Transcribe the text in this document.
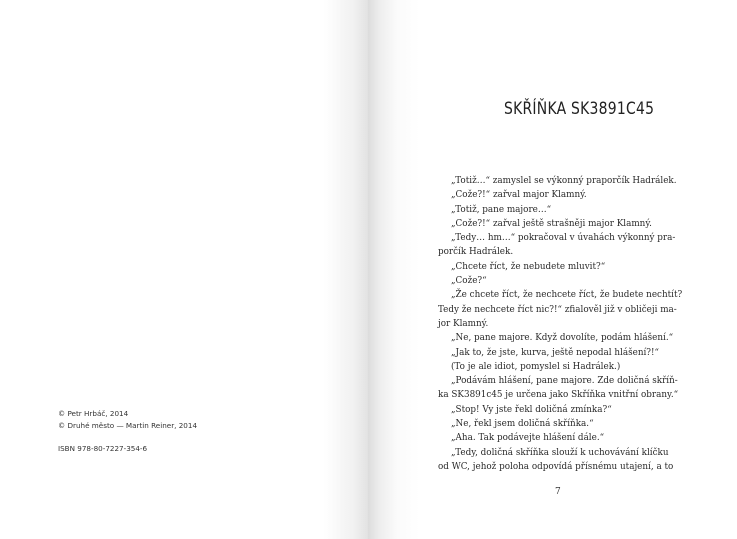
© Petr Hrbáč, 2014
© Druhé město — Martin Reiner, 2014
ISBN 978-80-7227-354-6
SKŘÍŇKA SK3891C45
„Totiž…“ zamyslel se výkonný praporčík Hadrálek.
„Cože?!“ zařval major Klamný.
„Totiž, pane majore…“
„Cože?!“ zařval ještě strašněji major Klamný.
„Tedy… hm…“ pokračoval v úvahách výkonný pra-
porčík Hadrálek.
„Chcete říct, že nebudete mluvit?“
„Cože?“
„Že chcete říct, že nechcete říct, že budete nechtít?
Tedy že nechcete říct nic?!“ zfialověl již v obličeji ma-
jor Klamný.
„Ne, pane majore. Když dovolíte, podám hlášení.“
„Jak to, že jste, kurva, ještě nepodal hlášení?!“
(To je ale idiot, pomyslel si Hadrálek.)
„Podávám hlášení, pane majore. Zde doličná skříň-
ka SK3891c45 je určena jako Skříňka vnitřní obrany.“
„Stop! Vy jste řekl doličná zmínka?“
„Ne, řekl jsem doličná skříňka.“
„Aha. Tak podávejte hlášení dále.“
„Tedy, doličná skříňka slouží k uchovávání klíčku
od WC, jehož poloha odpovídá přísnému utajení, a to
7
